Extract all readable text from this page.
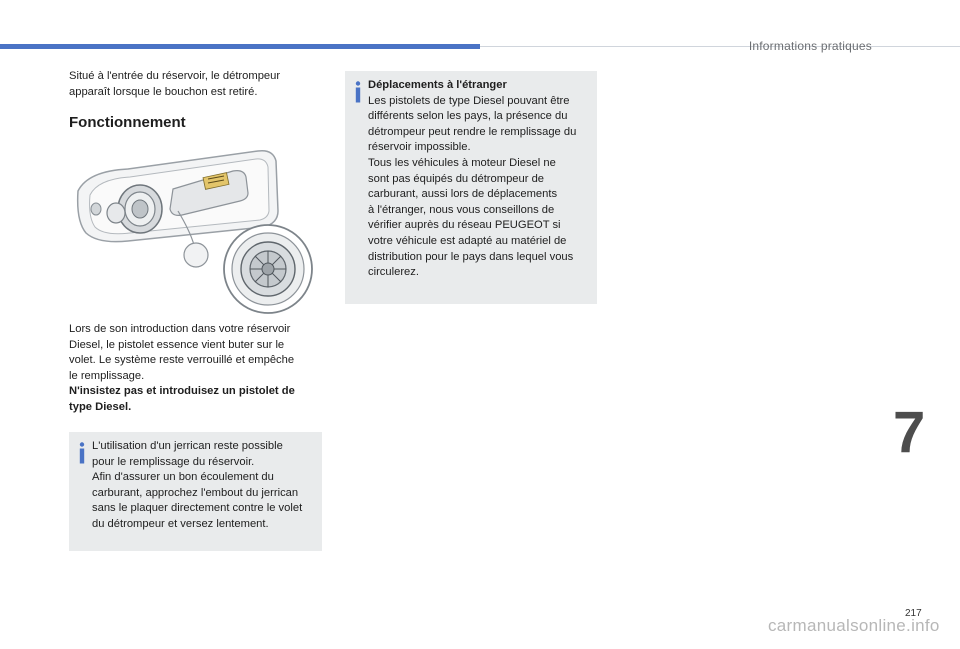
Informations pratiques
Situé à l'entrée du réservoir, le détrompeur
apparaît lorsque le bouchon est retiré.
Fonctionnement
Lors de son introduction dans votre réservoir
Diesel, le pistolet essence vient buter sur le
volet. Le système reste verrouillé et empêche
le remplissage.
N'insistez pas et introduisez un pistolet de
type Diesel.

L'utilisation d'un jerrican reste possible

pour le remplissage du réservoir.

Afin d'assurer un bon écoulement du

carburant, approchez l'embout du jerrican

sans le plaquer directement contre le volet

du détrompeur et versez lentement.

Déplacements à l'étranger

Les pistolets de type Diesel pouvant être

différents selon les pays, la présence du

détrompeur peut rendre le remplissage du

réservoir impossible.

Tous les véhicules à moteur Diesel ne

sont pas équipés du détrompeur de

carburant, aussi lors de déplacements

à l'étranger, nous vous conseillons de

vérifier auprès du réseau PEUGEOT si

votre véhicule est adapté au matériel de

distribution pour le pays dans lequel vous

circulerez.

7
217
carmanualsonline.info
